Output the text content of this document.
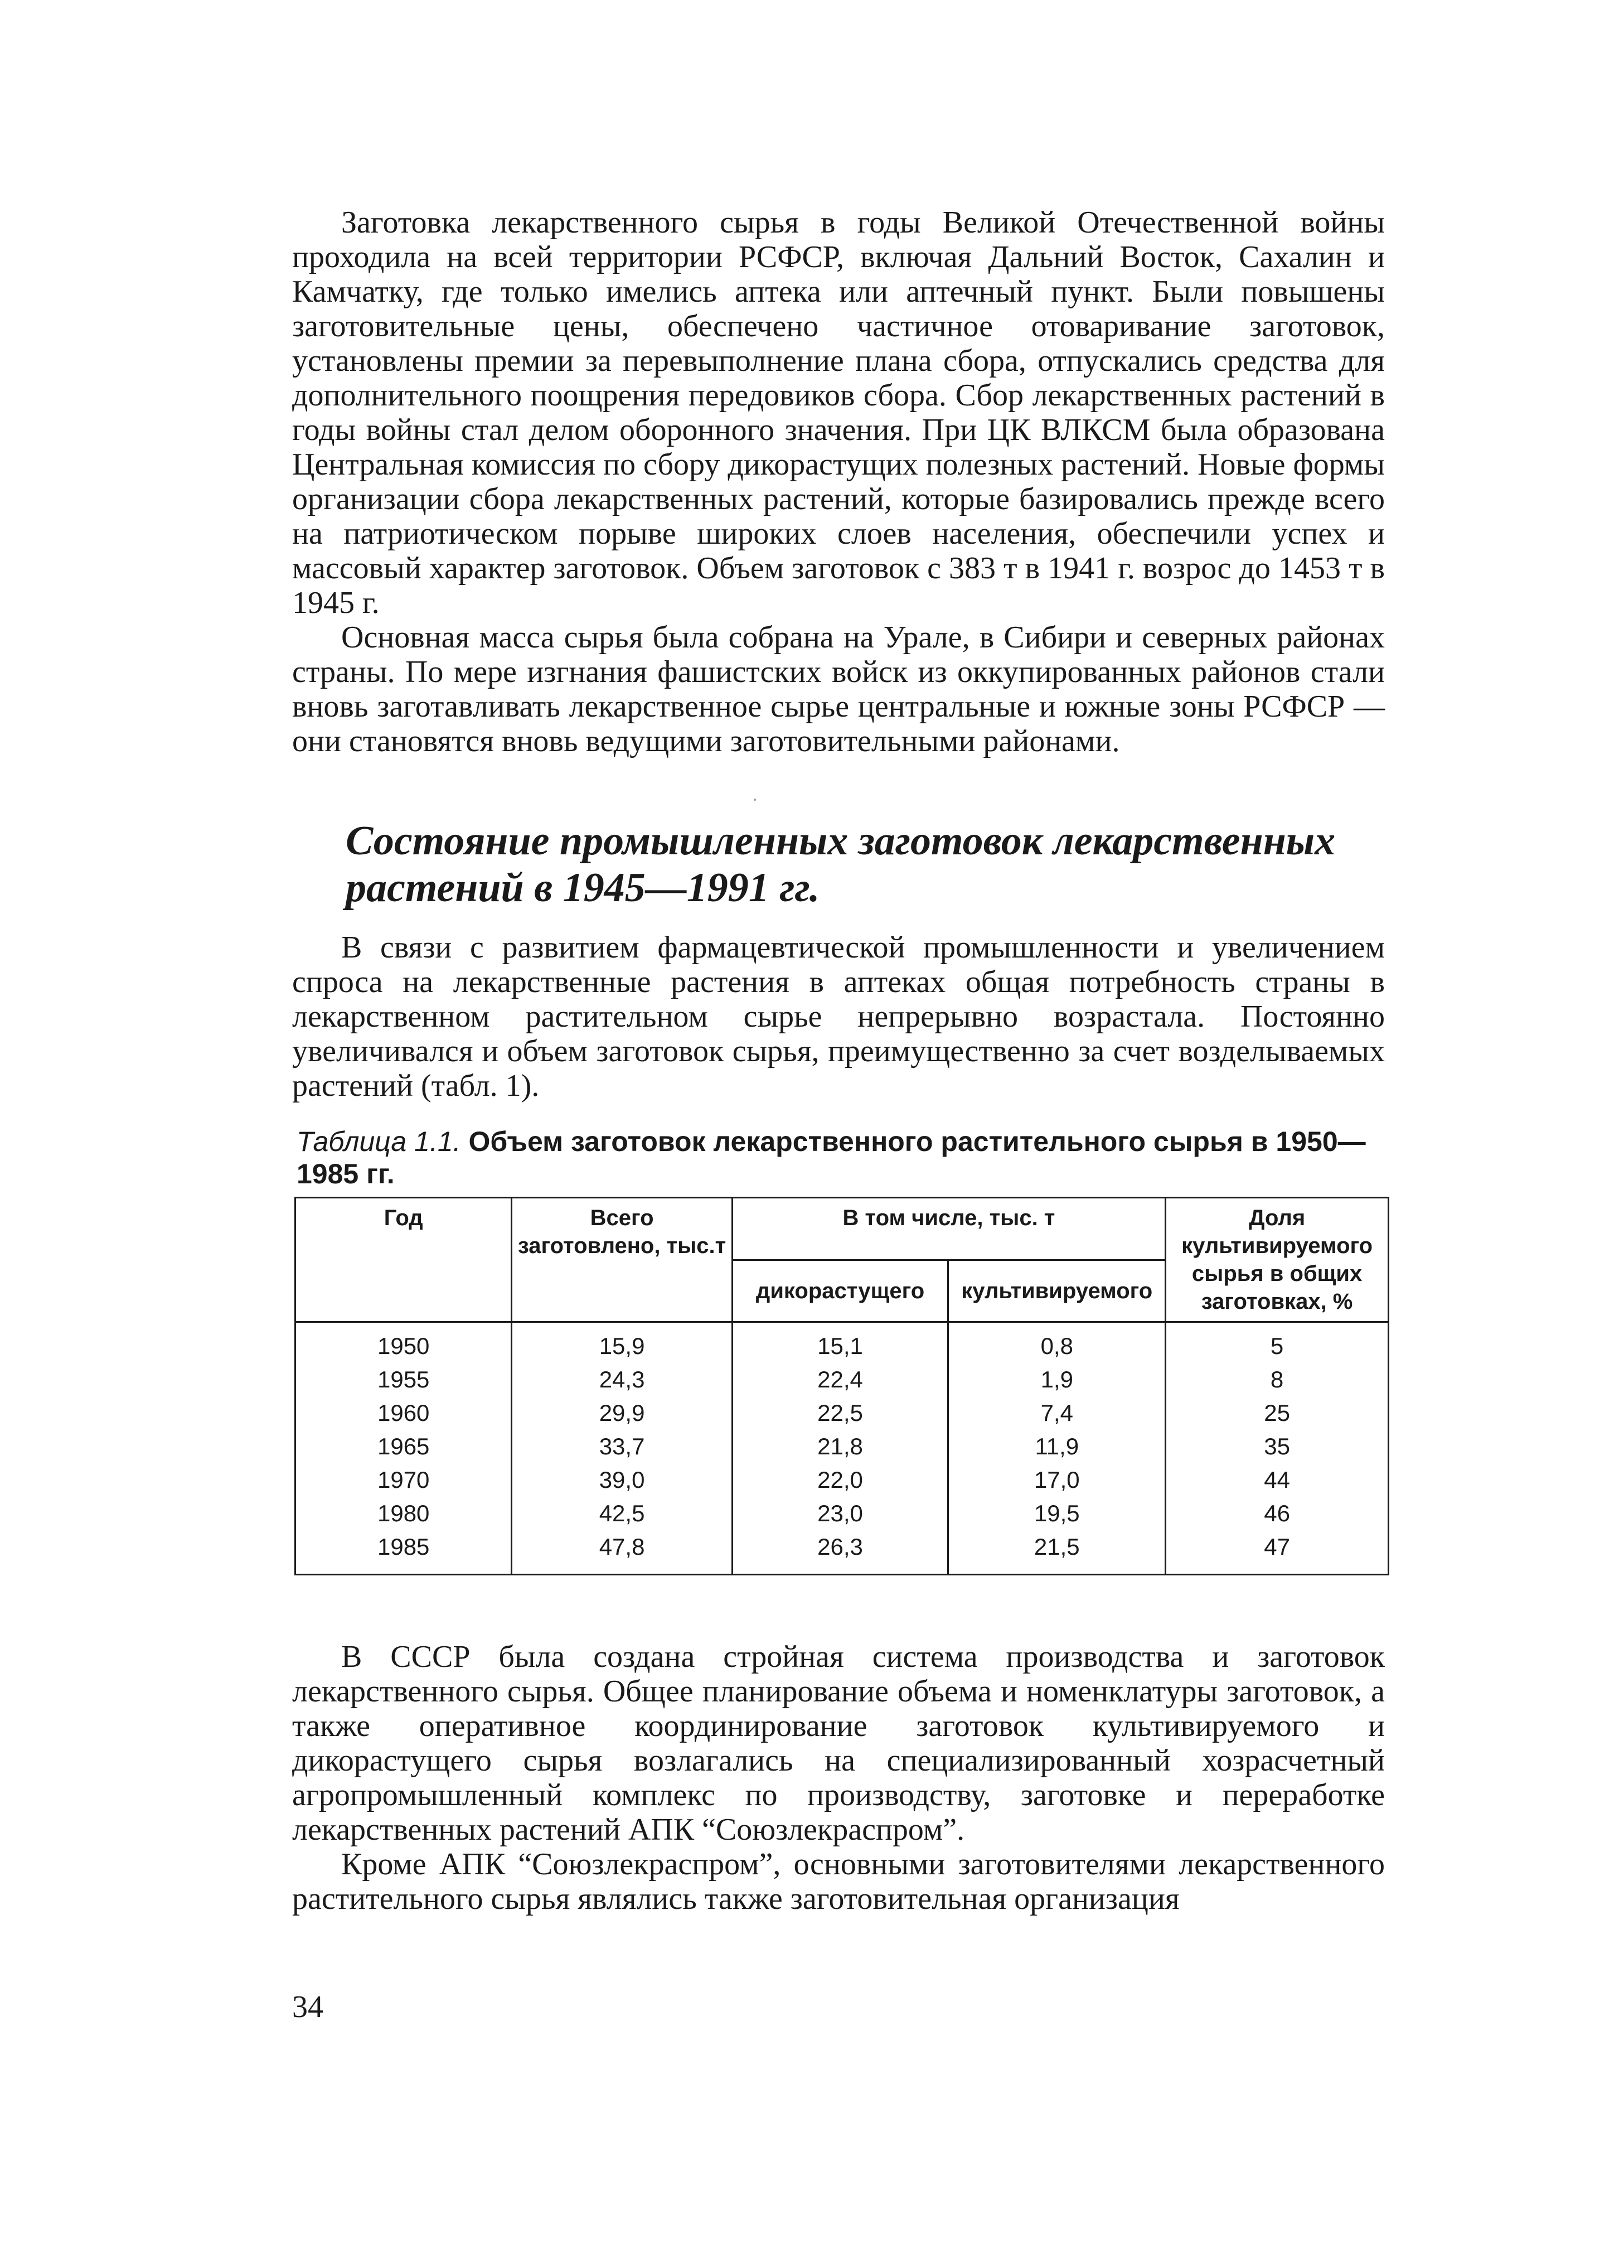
Заготовка лекарственного сырья в годы Великой Отечественной войны проходила на всей территории РСФСР, включая Дальний Восток, Сахалин и Камчатку, где только имелись аптека или аптечный пункт. Были повышены заготовительные цены, обеспечено частичное отоваривание заготовок, установлены премии за перевыполнение плана сбора, отпускались средства для дополнительного поощрения передовиков сбора. Сбор лекарственных растений в годы войны стал делом оборонного значения. При ЦК ВЛКСМ была образована Центральная комиссия по сбору дикорастущих полезных растений. Новые формы организации сбора лекарственных растений, которые базировались прежде всего на патриотическом порыве широких слоев населения, обеспечили успех и массовый характер заготовок. Объем заготовок с 383 т в 1941 г. возрос до 1453 т в 1945 г.

Основная масса сырья была собрана на Урале, в Сибири и северных районах страны. По мере изгнания фашистских войск из оккупированных районов стали вновь заготавливать лекарственное сырье центральные и южные зоны РСФСР — они становятся вновь ведущими заготовительными районами.

Состояние промышленных заготовок лекарственных растений в 1945—1991 гг.

В связи с развитием фармацевтической промышленности и увеличением спроса на лекарственные растения в аптеках общая потребность страны в лекарственном растительном сырье непрерывно возрастала. Постоянно увеличивался и объем заготовок сырья, преимущественно за счет возделываемых растений (табл. 1).

Таблица 1.1. Объем заготовок лекарственного растительного сырья в 1950—1985 гг.

Год	Всего заготовлено, тыс.т	В том числе, тыс. т		Доля культивируемого сырья в общих заготовках, %
		дикорастущего	культивируемого	
1950	15,9	15,1	0,8	5
1955	24,3	22,4	1,9	8
1960	29,9	22,5	7,4	25
1965	33,7	21,8	11,9	35
1970	39,0	22,0	17,0	44
1980	42,5	23,0	19,5	46
1985	47,8	26,3	21,5	47

В СССР была создана стройная система производства и заготовок лекарственного сырья. Общее планирование объема и номенклатуры заготовок, а также оперативное координирование заготовок культивируемого и дикорастущего сырья возлагались на специализированный хозрасчетный агропромышленный комплекс по производству, заготовке и переработке лекарственных растений АПК “Союзлекраспром”.

Кроме АПК “Союзлекраспром”, основными заготовителями лекарственного растительного сырья являлись также заготовительная организация

34
